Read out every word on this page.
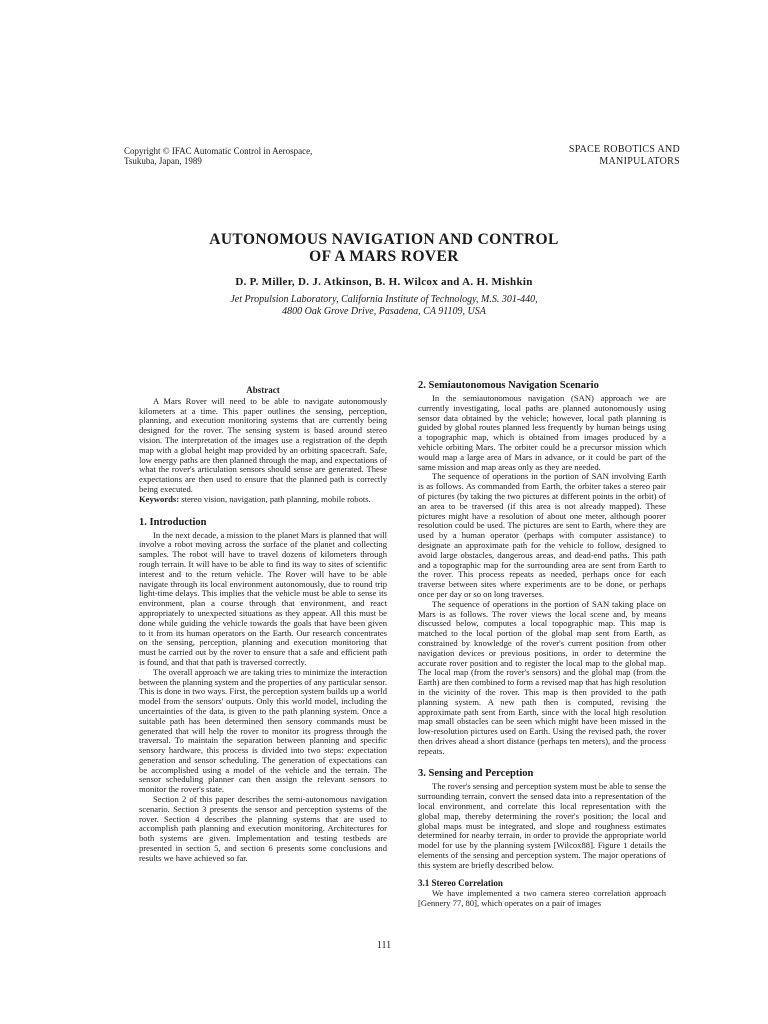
Copyright © IFAC Automatic Control in Aerospace, Tsukuba, Japan, 1989
SPACE ROBOTICS AND
MANIPULATORS
AUTONOMOUS NAVIGATION AND CONTROL
OF A MARS ROVER
D. P. Miller, D. J. Atkinson, B. H. Wilcox and A. H. Mishkin
Jet Propulsion Laboratory, California Institute of Technology, M.S. 301-440,
4800 Oak Grove Drive, Pasadena, CA 91109, USA
Abstract

A Mars Rover will need to be able to navigate autonomously kilometers at a time. This paper outlines the sensing, perception, planning, and execution monitoring systems that are currently being designed for the rover. The sensing system is based around stereo vision. The interpretation of the images use a registration of the depth map with a global height map provided by an orbiting spacecraft. Safe, low energy paths are then planned through the map, and expectations of what the rover's articulation sensors should sense are generated. These expectations are then used to ensure that the planned path is correctly being executed.

Keywords: stereo vision, navigation, path planning, mobile robots.

1. Introduction

In the next decade, a mission to the planet Mars is planned that will involve a robot moving across the surface of the planet and collecting samples. The robot will have to travel dozens of kilometers through rough terrain. It will have to be able to find its way to sites of scientific interest and to the return vehicle. The Rover will have to be able navigate through its local environment autonomously, due to round trip light-time delays. This implies that the vehicle must be able to sense its environment, plan a course through that environment, and react appropriately to unexpected situations as they appear. All this must be done while guiding the vehicle towards the goals that have been given to it from its human operators on the Earth. Our research concentrates on the sensing, perception, planning and execution monitoring that must be carried out by the rover to ensure that a safe and efficient path is found, and that that path is traversed correctly.

The overall approach we are taking tries to minimize the interaction between the planning system and the properties of any particular sensor. This is done in two ways. First, the perception system builds up a world model from the sensors' outputs. Only this world model, including the uncertainties of the data, is given to the path planning system. Once a suitable path has been determined then sensory commands must be generated that will help the rover to monitor its progress through the traversal. To maintain the separation between planning and specific sensory hardware, this process is divided into two steps: expectation generation and sensor scheduling. The generation of expectations can be accomplished using a model of the vehicle and the terrain. The sensor scheduling planner can then assign the relevant sensors to monitor the rover's state.

Section 2 of this paper describes the semi-autonomous navigation scenario. Section 3 presents the sensor and perception systems of the rover. Section 4 describes the planning systems that are used to accomplish path planning and execution monitoring. Architectures for both systems are given. Implementation and testing testbeds are presented in section 5, and section 6 presents some conclusions and results we have achieved so far.

2. Semiautonomous Navigation Scenario

In the semiautonomous navigation (SAN) approach we are currently investigating, local paths are planned autonomously using sensor data obtained by the vehicle; however, local path planning is guided by global routes planned less frequently by human beings using a topographic map, which is obtained from images produced by a vehicle orbiting Mars. The orbiter could be a precursor mission which would map a large area of Mars in advance, or it could be part of the same mission and map areas only as they are needed.

The sequence of operations in the portion of SAN involving Earth is as follows. As commanded from Earth, the orbiter takes a stereo pair of pictures (by taking the two pictures at different points in the orbit) of an area to be traversed (if this area is not already mapped). These pictures might have a resolution of about one meter, although poorer resolution could be used. The pictures are sent to Earth, where they are used by a human operator (perhaps with computer assistance) to designate an approximate path for the vehicle to follow, designed to avoid large obstacles, dangerous areas, and dead-end paths. This path and a topographic map for the surrounding area are sent from Earth to the rover. This process repeats as needed, perhaps once for each traverse between sites where experiments are to be done, or perhaps once per day or so on long traverses.

The sequence of operations in the portion of SAN taking place on Mars is as follows. The rover views the local scene and, by means discussed below, computes a local topographic map. This map is matched to the local portion of the global map sent from Earth, as constrained by knowledge of the rover's current position from other navigation devices or previous positions, in order to determine the accurate rover position and to register the local map to the global map. The local map (from the rover's sensors) and the global map (from the Earth) are then combined to form a revised map that has high resolution in the vicinity of the rover. This map is then provided to the path planning system. A new path then is computed, revising the approximate path sent from Earth, since with the local high resolution map small obstacles can be seen which might have been missed in the low-resolution pictures used on Earth. Using the revised path, the rover then drives ahead a short distance (perhaps ten meters), and the process repeats.

3. Sensing and Perception

The rover's sensing and perception system must be able to sense the surrounding terrain, convert the sensed data into a representation of the local environment, and correlate this local representation with the global map, thereby determining the rover's position; the local and global maps must be integrated, and slope and roughness estimates determined for nearby terrain, in order to provide the appropriate world model for use by the planning system [Wilcox88]. Figure 1 details the elements of the sensing and perception system. The major operations of this system are briefly described below.

3.1 Stereo Correlation

We have implemented a two camera stereo correlation approach [Gennery 77, 80], which operates on a pair of images

111
